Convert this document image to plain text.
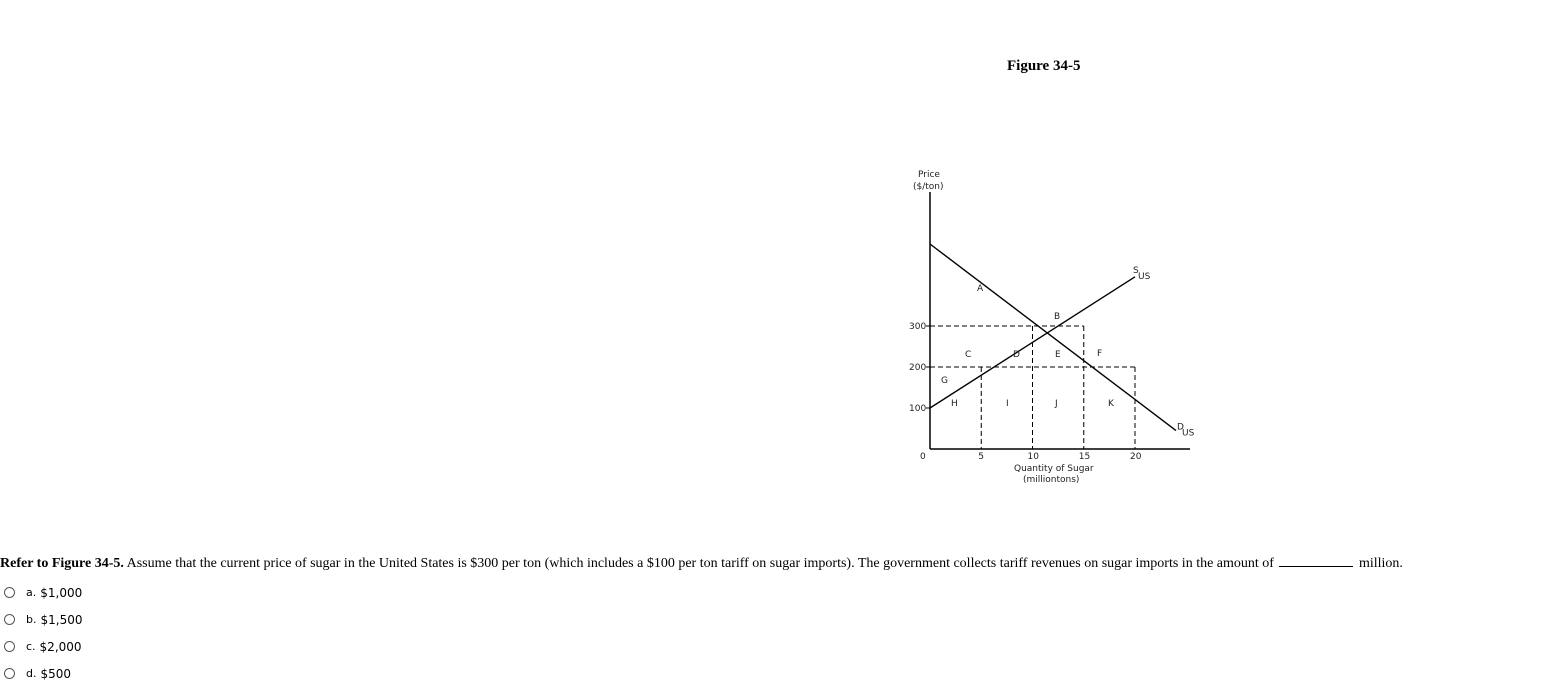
Figure 34-5
Price
($/ton)
0
Quantity of Sugar
(milliontons)
300
200
100
5	10	15	20
S
US
D
US
A
B
C	D	E	F
G
H	I	J	K
Refer to Figure 34-5. Assume that the current price of sugar in the United States is $300 per ton (which includes a $100 per ton tariff on sugar imports). The government collects tariff revenues on sugar imports in the amount of	million.
a. $1,000
b. $1,500
c. $2,000
d. $500
